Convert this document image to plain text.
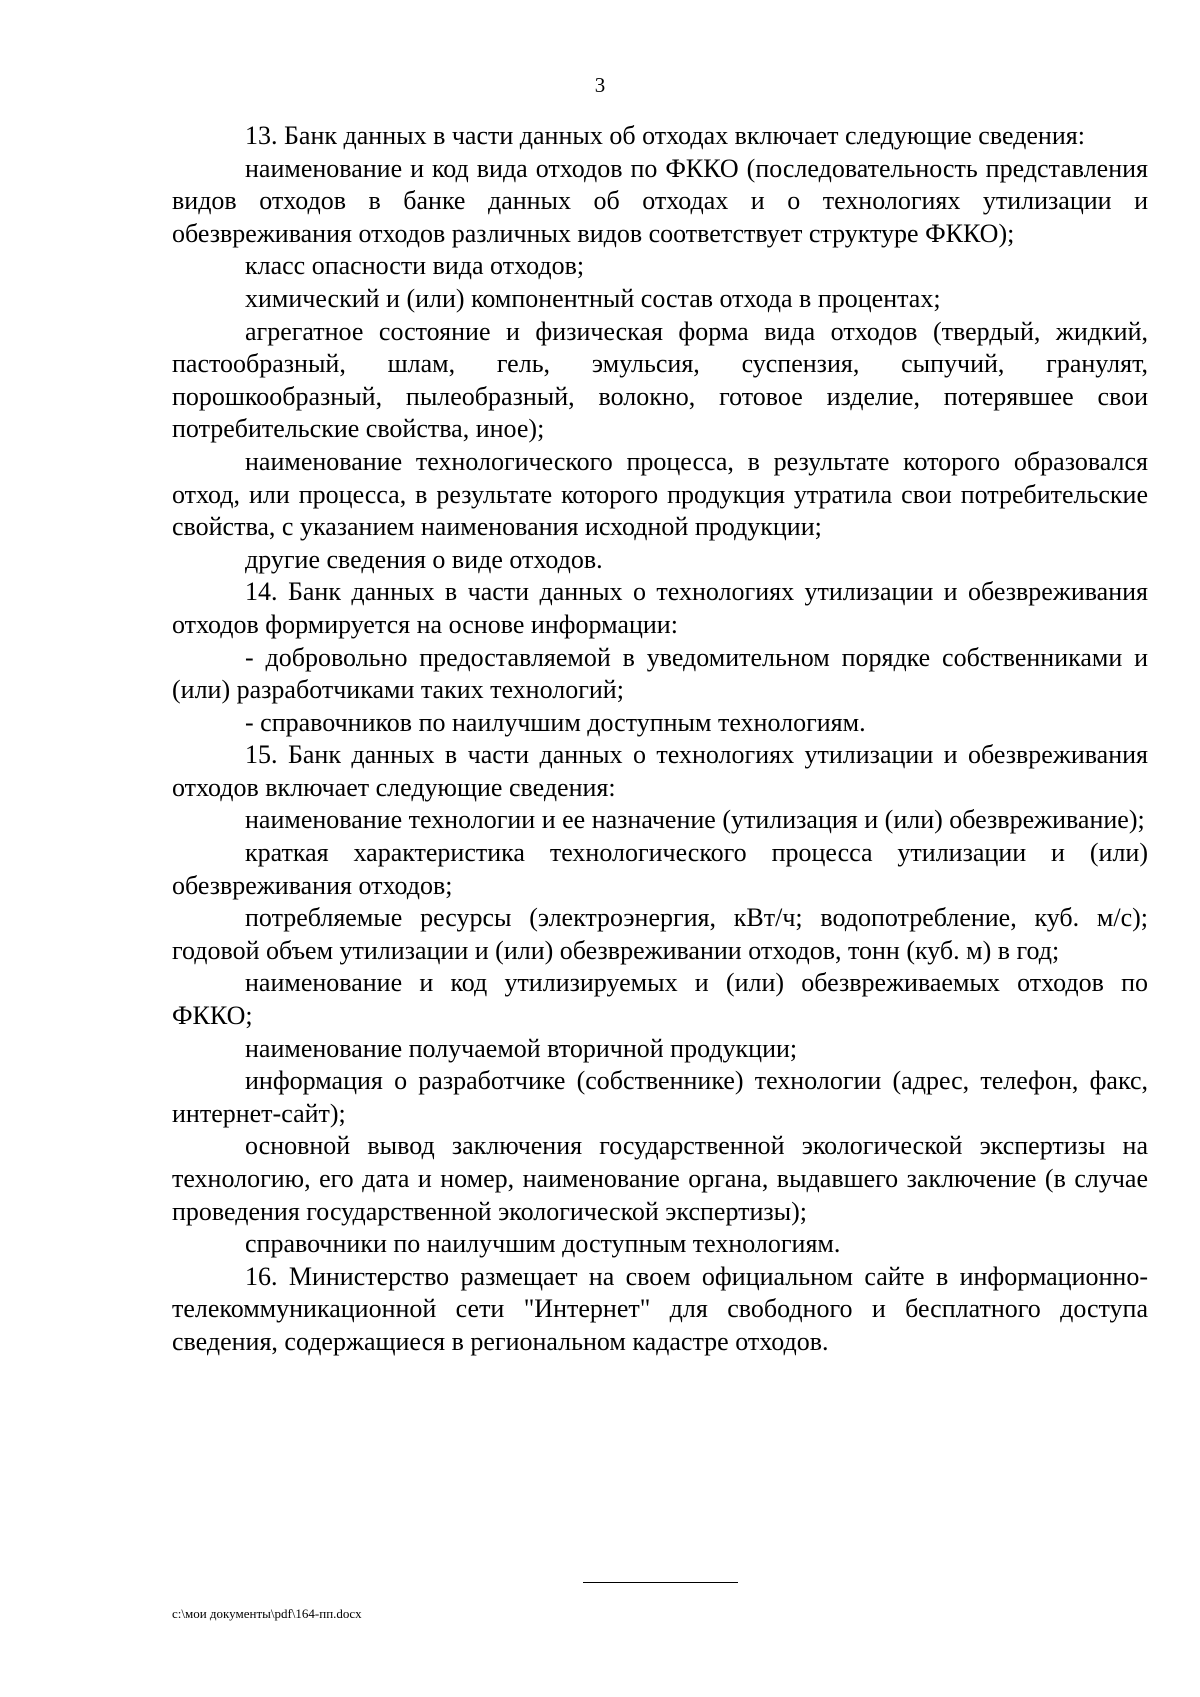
3

13. Банк данных в части данных об отходах включает следующие сведения:

наименование и код вида отходов по ФККО (последовательность представления видов отходов в банке данных об отходах и о технологиях утилизации и обезвреживания отходов различных видов соответствует структуре ФККО);

класс опасности вида отходов;

химический и (или) компонентный состав отхода в процентах;

агрегатное состояние и физическая форма вида отходов (твердый, жидкий, пастообразный, шлам, гель, эмульсия, суспензия, сыпучий, гранулят, порошкообразный, пылеобразный, волокно, готовое изделие, потерявшее свои потребительские свойства, иное);

наименование технологического процесса, в результате которого образовался отход, или процесса, в результате которого продукция утратила свои потребительские свойства, с указанием наименования исходной продукции;

другие сведения о виде отходов.

14. Банк данных в части данных о технологиях утилизации и обезвреживания отходов формируется на основе информации:

- добровольно предоставляемой в уведомительном порядке собственниками и (или) разработчиками таких технологий;

- справочников по наилучшим доступным технологиям.

15. Банк данных в части данных о технологиях утилизации и обезвреживания отходов включает следующие сведения:

наименование технологии и ее назначение (утилизация и (или) обезвреживание);

краткая характеристика технологического процесса утилизации и (или) обезвреживания отходов;

потребляемые ресурсы (электроэнергия, кВт/ч; водопотребление, куб. м/с); годовой объем утилизации и (или) обезвреживании отходов, тонн (куб. м) в год;

наименование и код утилизируемых и (или) обезвреживаемых отходов по ФККО;

наименование получаемой вторичной продукции;

информация о разработчике (собственнике) технологии (адрес, телефон, факс, интернет-сайт);

основной вывод заключения государственной экологической экспертизы на технологию, его дата и номер, наименование органа, выдавшего заключение (в случае проведения государственной экологической экспертизы);

справочники по наилучшим доступным технологиям.

16. Министерство размещает на своем официальном сайте в информационно-телекоммуникационной сети "Интернет" для свободного и бесплатного доступа сведения, содержащиеся в региональном кадастре отходов.

c:\мои документы\pdf\164-пп.docx
